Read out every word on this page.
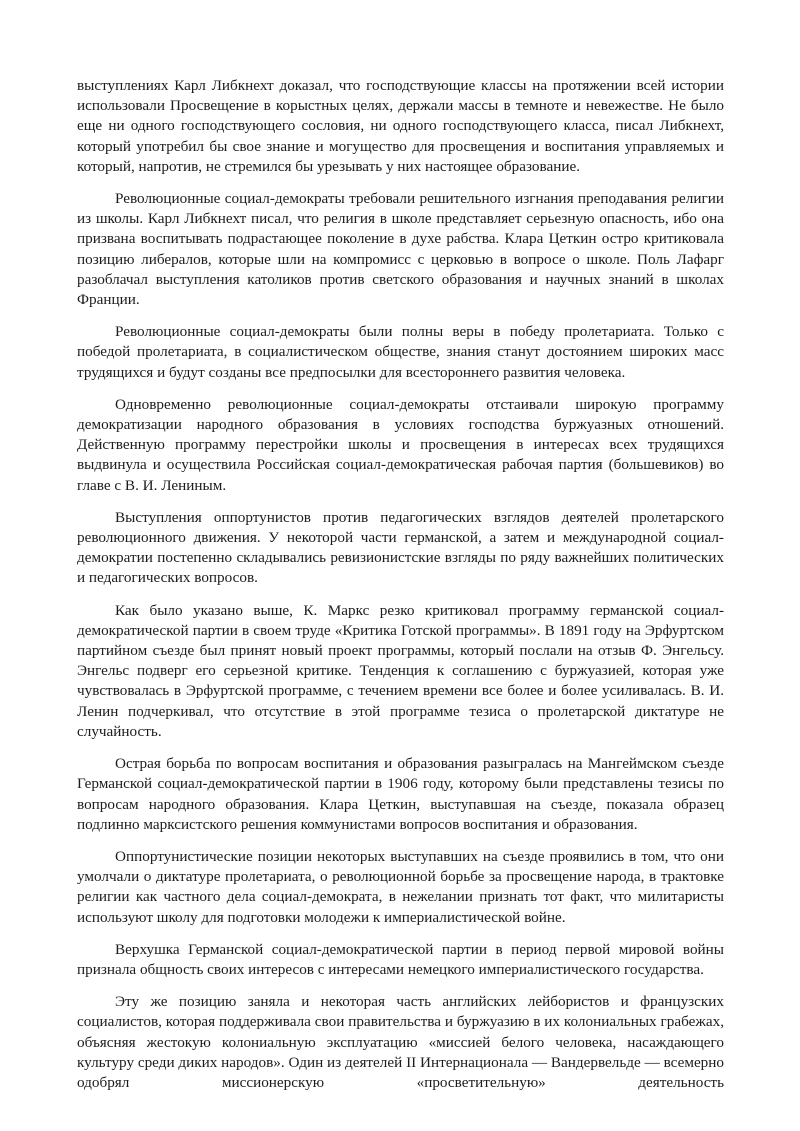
выступлениях Карл Либкнехт доказал, что господствующие классы на протяжении всей истории использовали Просвещение в корыстных целях, держали массы в темноте и невежестве. Не было еще ни одного господствующего сословия, ни одного господствующего класса, писал Либкнехт, который употребил бы свое знание и могущество для просвещения и воспитания управляемых и который, напротив, не стремился бы урезывать у них настоящее образование.

Революционные социал-демократы требовали решительного изгнания преподавания религии из школы. Карл Либкнехт писал, что религия в школе представляет серьезную опасность, ибо она призвана воспитывать подрастающее поколение в духе рабства. Клара Цеткин остро критиковала позицию либералов, которые шли на компромисс с церковью в вопросе о школе. Поль Лафарг разоблачал выступления католиков против светского образования и научных знаний в школах Франции.

Революционные социал-демократы были полны веры в победу пролетариата. Только с победой пролетариата, в социалистическом обществе, знания станут достоянием широких масс трудящихся и будут созданы все предпосылки для всестороннего развития человека.

Одновременно революционные социал-демократы отстаивали широкую программу демократизации народного образования в условиях господства буржуазных отношений. Действенную программу перестройки школы и просвещения в интересах всех трудящихся выдвинула и осуществила Российская социал-демократическая рабочая партия (большевиков) во главе с В. И. Лениным.

Выступления оппортунистов против педагогических взглядов деятелей пролетарского революционного движения. У некоторой части германской, а затем и международной социал-демократии постепенно складывались ревизионистские взгляды по ряду важнейших политических и педагогических вопросов.

Как было указано выше, К. Маркс резко критиковал программу германской социал-демократической партии в своем труде «Критика Готской программы». В 1891 году на Эрфуртском партийном съезде был принят новый проект программы, который послали на отзыв Ф. Энгельсу. Энгельс подверг его серьезной критике. Тенденция к соглашению с буржуазией, которая уже чувствовалась в Эрфуртской программе, с течением времени все более и более усиливалась. В. И. Ленин подчеркивал, что отсутствие в этой программе тезиса о пролетарской диктатуре не случайность.

Острая борьба по вопросам воспитания и образования разыгралась на Мангеймском съезде Германской социал-демократической партии в 1906 году, которому были представлены тезисы по вопросам народного образования. Клара Цеткин, выступавшая на съезде, показала образец подлинно марксистского решения коммунистами вопросов воспитания и образования.

Оппортунистические позиции некоторых выступавших на съезде проявились в том, что они умолчали о диктатуре пролетариата, о революционной борьбе за просвещение народа, в трактовке религии как частного дела социал-демократа, в нежелании признать тот факт, что милитаристы используют школу для подготовки молодежи к империалистической войне.

Верхушка Германской социал-демократической партии в период первой мировой войны признала общность своих интересов с интересами немецкого империалистического государства.

Эту же позицию заняла и некоторая часть английских лейбористов и французских социалистов, которая поддерживала свои правительства и буржуазию в их колониальных грабежах, объясняя жестокую колониальную эксплуатацию «миссией белого человека, насаждающего культуру среди диких народов». Один из деятелей II Интернационала — Вандервельде — всемерно одобрял миссионерскую «просветительную» деятельность
